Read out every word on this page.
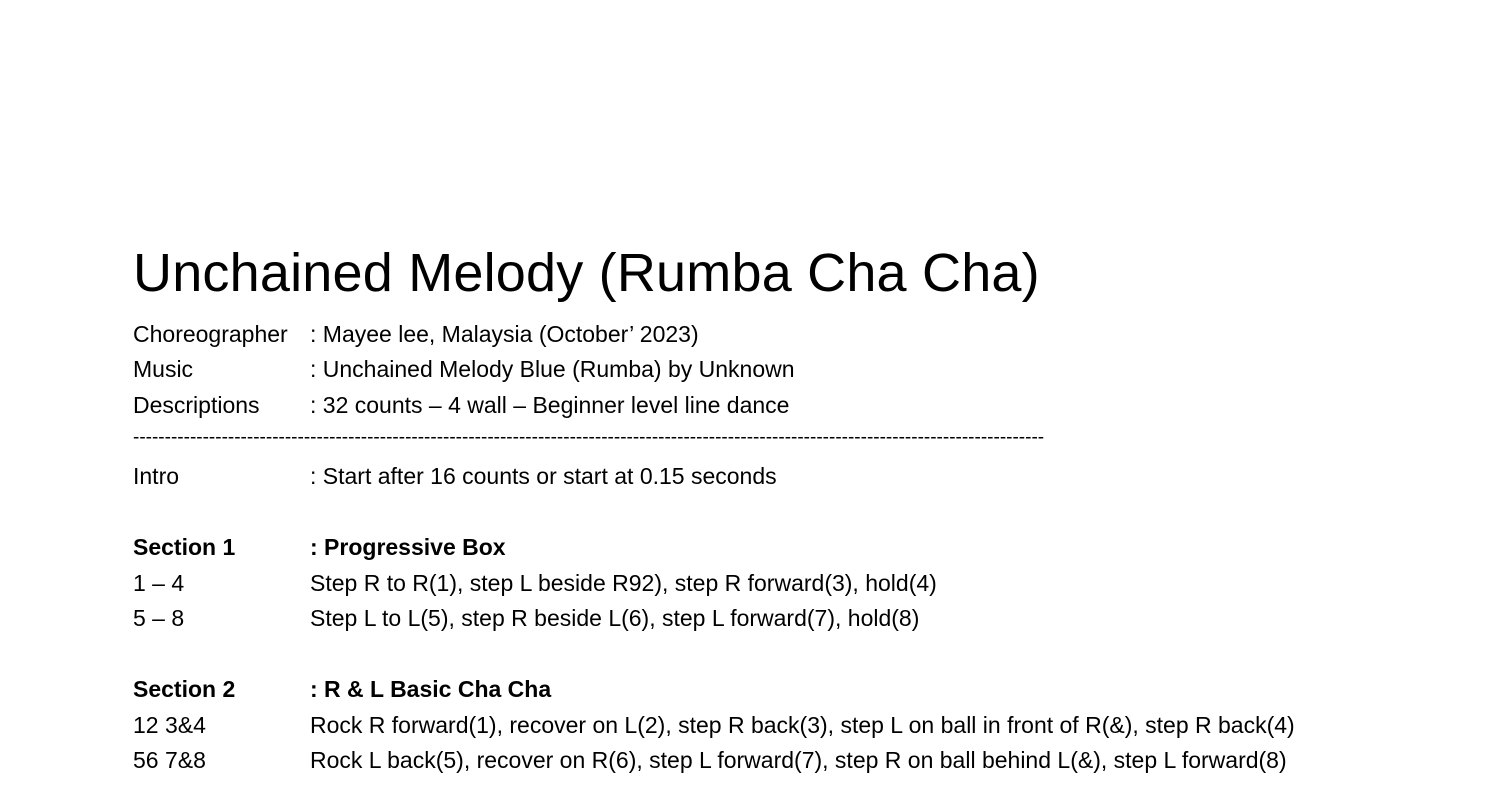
Unchained Melody (Rumba Cha Cha)
Choreographer : Mayee lee, Malaysia (October’ 2023)
Music	: Unchained Melody Blue (Rumba) by Unknown
Descriptions : 32 counts – 4 wall – Beginner level line dance
------------------------------------------------------------------------------------------------------------------------------------------------
Intro	: Start after 16 counts or start at 0.15 seconds
Section 1	: Progressive Box
1 – 4	Step R to R(1), step L beside R92), step R forward(3), hold(4)
5 – 8	Step L to L(5), step R beside L(6), step L forward(7), hold(8)
Section 2	: R & L Basic Cha Cha
12 3&4	Rock R forward(1), recover on L(2), step R back(3), step L on ball in front of R(&), step R back(4)
56 7&8	Rock L back(5), recover on R(6), step L forward(7), step R on ball behind L(&), step L forward(8)
